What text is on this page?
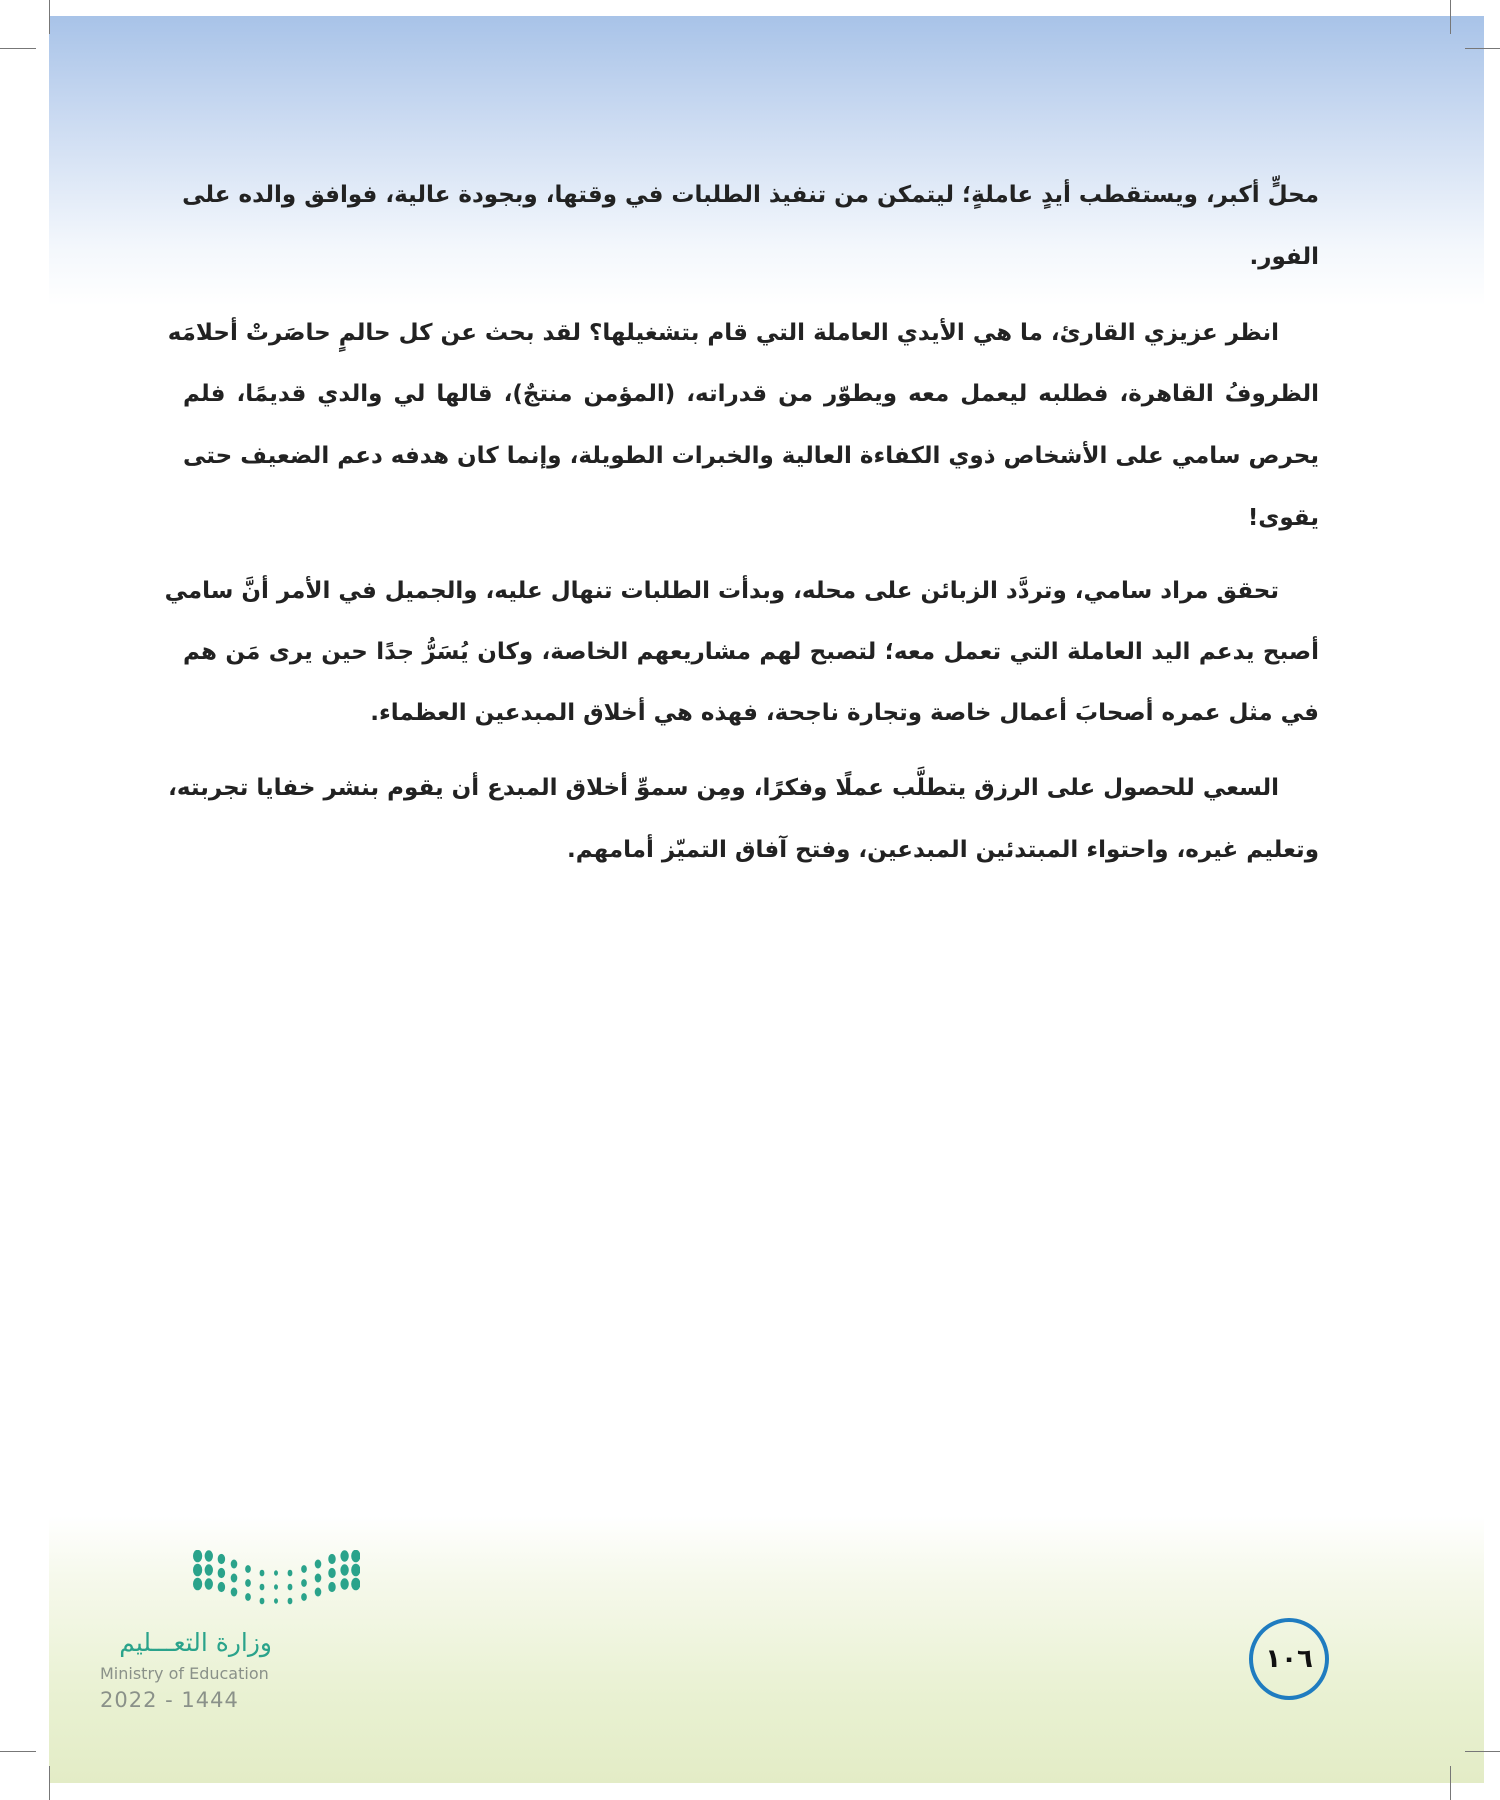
محلٍّ أكبر، ويستقطب أيدٍ عاملةٍ؛ ليتمكن من تنفيذ الطلبات في وقتها، وبجودة عالية، فوافق والده على
الفور.
انظر عزيزي القارئ، ما هي الأيدي العاملة التي قام بتشغيلها؟ لقد بحث عن كل حالمٍ حاصَرتْ أحلامَه
الظروفُ القاهرة، فطلبه ليعمل معه ويطوّر من قدراته، (المؤمن منتجٌ)، قالها لي والدي قديمًا، فلم
يحرص سامي على الأشخاص ذوي الكفاءة العالية والخبرات الطويلة، وإنما كان هدفه دعم الضعيف حتى
يقوى!
تحقق مراد سامي، وتردَّد الزبائن على محله، وبدأت الطلبات تنهال عليه، والجميل في الأمر أنَّ سامي
أصبح يدعم اليد العاملة التي تعمل معه؛ لتصبح لهم مشاريعهم الخاصة، وكان يُسَرُّ جدًا حين يرى مَن هم
في مثل عمره أصحابَ أعمال خاصة وتجارة ناجحة، فهذه هي أخلاق المبدعين العظماء.
السعي للحصول على الرزق يتطلَّب عملًا وفكرًا، ومِن سموِّ أخلاق المبدع أن يقوم بنشر خفايا تجربته،
وتعليم غيره، واحتواء المبتدئين المبدعين، وفتح آفاق التميّز أمامهم.
وزارة التعـــليم
Ministry of Education
2022 - 1444
١٠٦
